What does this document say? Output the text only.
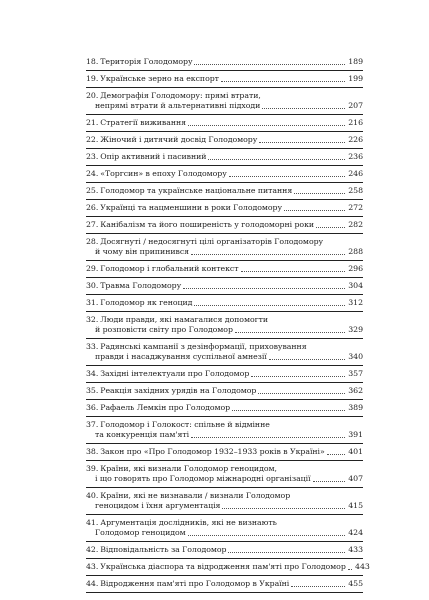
18. Територія Голодомору	189
19. Українське зерно на експорт	199
20. Демографія Голодомору: прямі втрати,
непрямі втрати й альтернативні підходи	207
21. Стратегії виживання	216
22. Жіночий і дитячий досвід Голодомору	226
23. Опір активний і пасивний	236
24. «Торгсин» в епоху Голодомору	246
25. Голодомор та українське національне питання	258
26. Українці та нацменшини в роки Голодомору	272
27. Канібалізм та його поширеність у голодоморні роки	282
28. Досягнуті / недосягнуті цілі організаторів Голодомору
й чому він припинився	288
29. Голодомор і глобальний контекст	296
30. Травма Голодомору	304
31. Голодомор як геноцид	312
32. Люди правди, які намагалися допомогти
й розповісти світу про Голодомор	329
33. Радянські кампанії з дезінформації, приховування
правди і насаджування суспільної амнезії	340
34. Західні інтелектуали про Голодомор	357
35. Реакція західних урядів на Голодомор	362
36. Рафаель Лемкін про Голодомор	389
37. Голодомор і Голокост: спільне й відмінне
та конкуренція пам'яті	391
38. Закон про «Про Голодомор 1932–1933 років в Україні»	401
39. Країни, які визнали Голодомор геноцидом,
і що говорять про Голодомор міжнародні організації	407
40. Країни, які не визнавали / визнали Голодомор
геноцидом і їхня аргументація	415
41. Аргументація дослідників, які не визнають
Голодомор геноцидом	424
42. Відповідальність за Голодомор	433
43. Українська діаспора та відродження пам'яті про Голодомор 443
44. Відродження пам'яті про Голодомор в Україні	455
